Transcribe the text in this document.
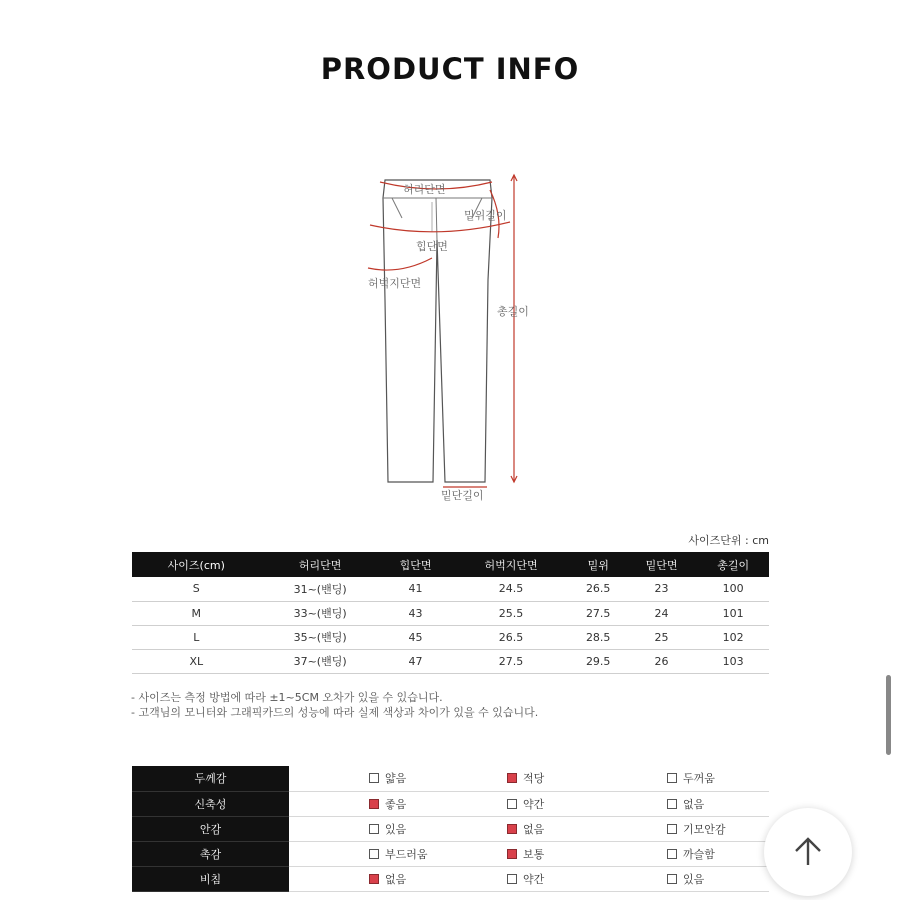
PRODUCT INFO
허리단면
밑위길이
힙단면
허벅지단면
총길이
밑단길이
사이즈단위 : cm
사이즈(cm)	허리단면	힙단면	허벅지단면	밑위	밑단면	총길이
S	31~(밴딩)	41	24.5	26.5	23	100
M	33~(밴딩)	43	25.5	27.5	24	101
L	35~(밴딩)	45	26.5	28.5	25	102
XL	37~(밴딩)	47	27.5	29.5	26	103
- 사이즈는 측정 방법에 따라 ±1~5CM 오차가 있을 수 있습니다.
- 고객님의 모니터와 그래픽카드의 성능에 따라 실제 색상과 차이가 있을 수 있습니다.
두께감	얇음	적당	두꺼움

신축성	좋음	약간	없음

안감	있음	없음	기모안감

촉감	부드러움	보통	까슬함

비침	없음	약간	있음
